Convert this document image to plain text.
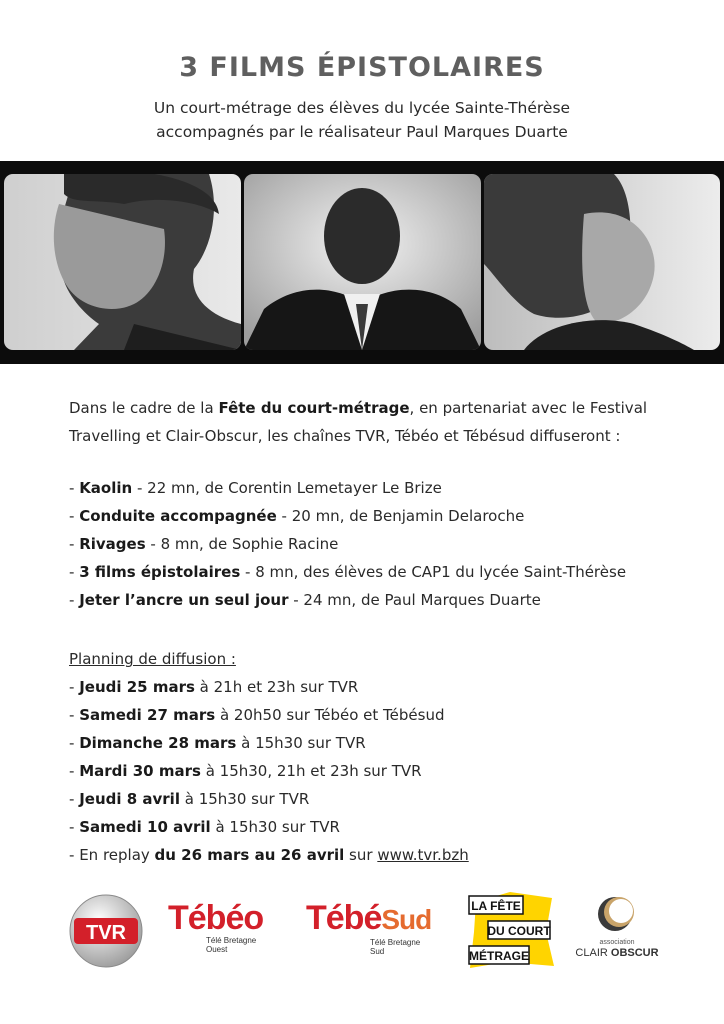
3 FILMS ÉPISTOLAIRES
Un court-métrage des élèves du lycée Sainte-Thérèse
accompagnés par le réalisateur Paul Marques Duarte
Dans le cadre de la Fête du court-métrage, en partenariat avec le Festival
Travelling et Clair-Obscur, les chaînes TVR, Tébéo et Tébésud diffuseront :
- Kaolin - 22 mn, de Corentin Lemetayer Le Brize
- Conduite accompagnée - 20 mn, de Benjamin Delaroche
- Rivages - 8 mn, de Sophie Racine
- 3 films épistolaires - 8 mn, des élèves de CAP1 du lycée Saint-Thérèse
- Jeter l’ancre un seul jour - 24 mn, de Paul Marques Duarte
Planning de diffusion :
- Jeudi 25 mars à 21h et 23h sur TVR
- Samedi 27 mars à 20h50 sur Tébéo et Tébésud
- Dimanche 28 mars à 15h30 sur TVR
- Mardi 30 mars à 15h30, 21h et 23h sur TVR
- Jeudi 8 avril à 15h30 sur TVR
- Samedi 10 avril à 15h30 sur TVR
- En replay du 26 mars au 26 avril sur www.tvr.bzh
TVR Tébéo
Télé Bretagne Ouest
TébéSud
Télé Bretagne Sud
LA FÊTE
DU COURT
MÉTRAGE
association
CLAIR OBSCUR
